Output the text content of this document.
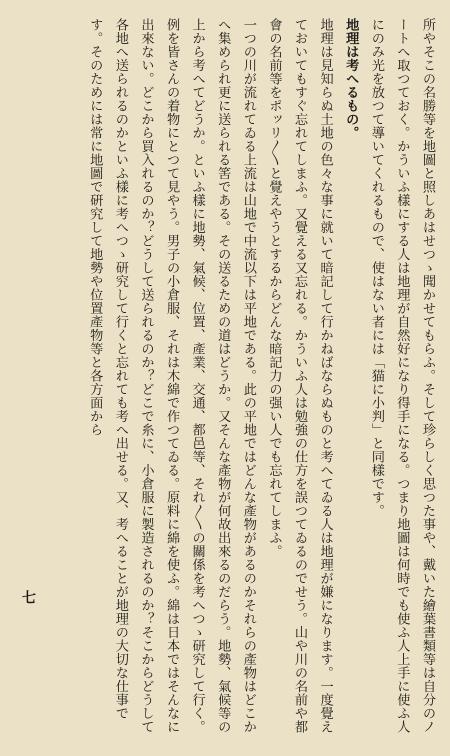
所やそこの名勝等を地圖と照しあはせつゝ聞かせてもらふ。そして珍らしく思つた事や、戴いた繪葉書類等は自分のノートへ取つておく。かういふ樣にする人は地理が自然好になり得手になる。つまり地圖は何時でも使ふ人上手に使ふ人にのみ光を放つて導いてくれるもので、使はない者には「猫に小判」と同樣です。

地理は考へるもの。

地理は見知らぬ土地の色々な事に就いて暗記して行かねばならぬものと考へてゐる人は地理が嫌になります。一度覺えておいてもすぐ忘れてしまふ。又覺える又忘れる。かういふ人は勉強の仕方を誤つてゐるのでせう。山や川の名前や都會の名前等をポッリ〳〵と覺えやうとするからどんな暗記力の强い人でも忘れてしまふ。

一つの川が流れてゐる上流は山地で中流以下は平地である。此の平地ではどんな產物があるのかそれらの產物はどこかへ集められ更に送られる筈である。その送るための道はどうか。又そんな產物が何故出來るのだらう。地勢、氣候等の上から考へてどうか。といふ樣に地勢、氣候、位置、產業、交通、都邑等、それ〳〵の關係を考へつゝ研究して行く。例を皆さんの着物にとつて見やう。男子の小倉服、それは木綿で作つてゐる。原料に綿を使ふ。綿は日本ではそんなに出來ない。どこから買入れるのか？どうして送られるのか？どこで糸に、小倉服に製造されるのか？そこからどうして各地へ送られるのかといふ樣に考へつゝ研究して行くと忘れても考へ出せる。又、考へることが地理の大切な仕事です。そのためには常に地圖で硏究して地勢や位置產物等と各方面から

七
